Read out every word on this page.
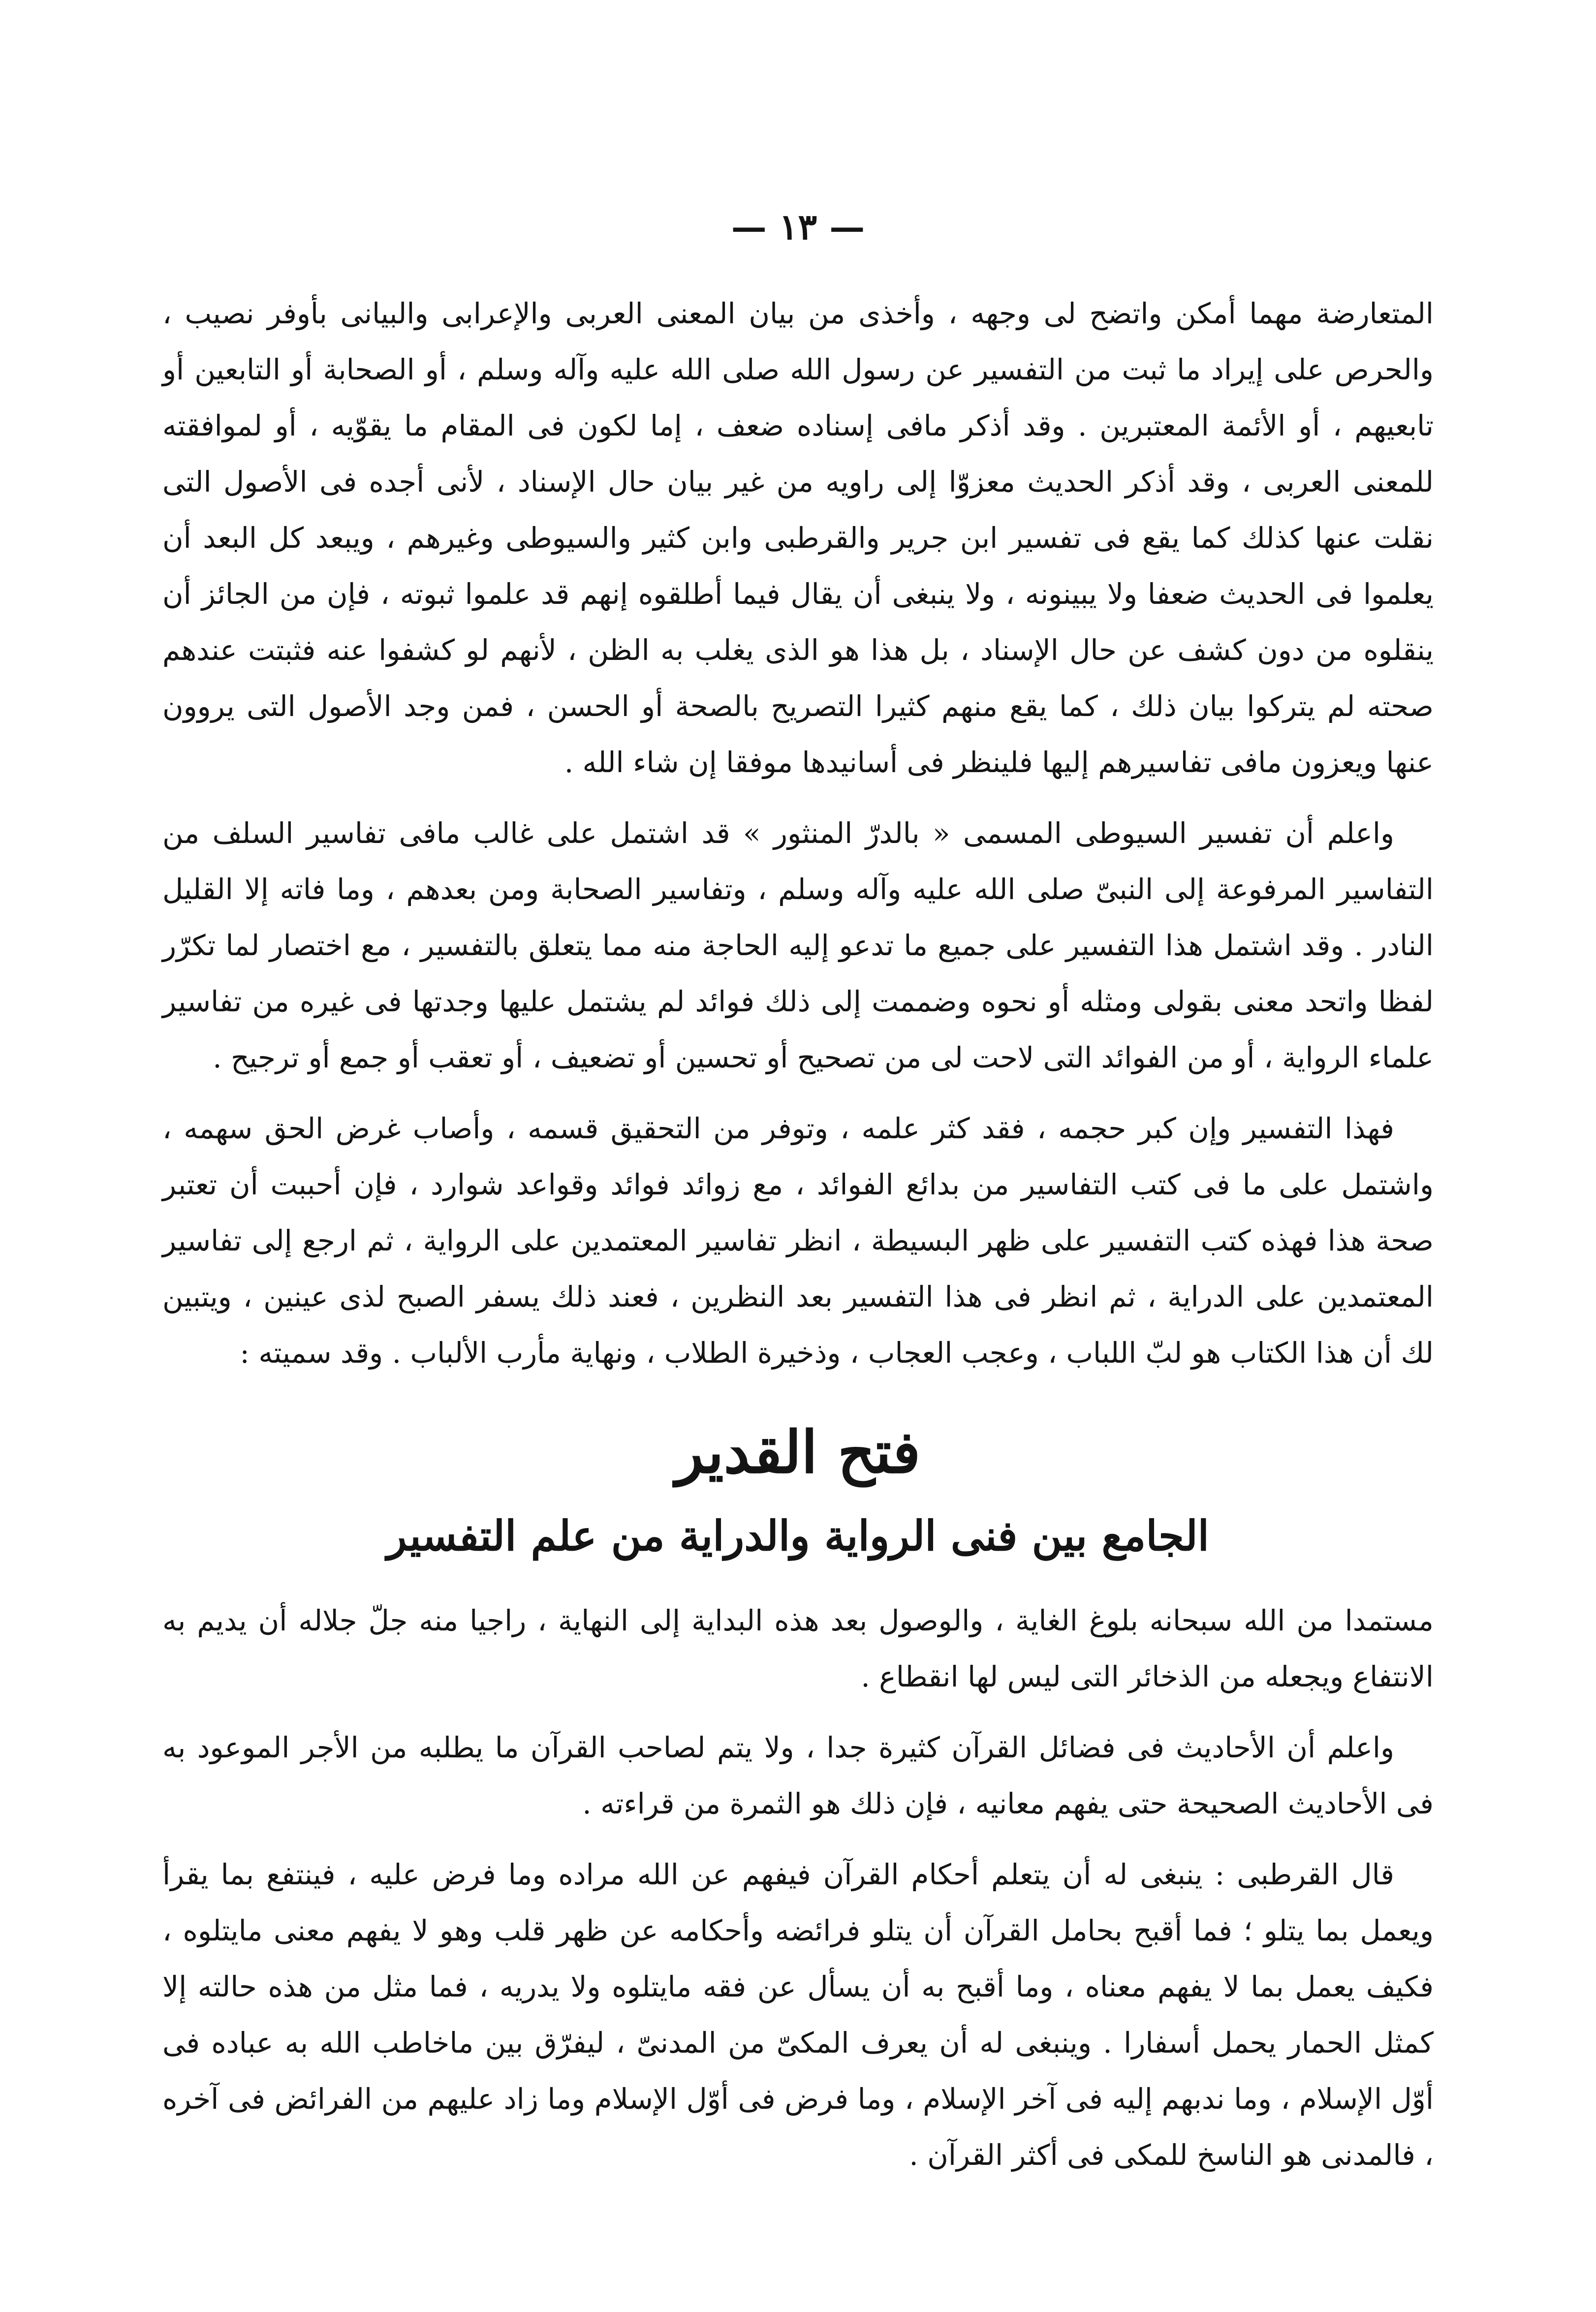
— ١٣ —

المتعارضة مهما أمكن واتضح لى وجهه ، وأخذى من بيان المعنى العربى والإعرابى والبيانى بأوفر نصيب ، والحرص على إيراد ما ثبت من التفسير عن رسول الله صلى الله عليه وآله وسلم ، أو الصحابة أو التابعين أو تابعيهم ، أو الأئمة المعتبرين . وقد أذكر مافى إسناده ضعف ، إما لكون فى المقام ما يقوّيه ، أو لموافقته للمعنى العربى ، وقد أذكر الحديث معزوّا إلى راويه من غير بيان حال الإسناد ، لأنى أجده فى الأصول التى نقلت عنها كذلك كما يقع فى تفسير ابن جرير والقرطبى وابن كثير والسيوطى وغيرهم ، ويبعد كل البعد أن يعلموا فى الحديث ضعفا ولا يبينونه ، ولا ينبغى أن يقال فيما أطلقوه إنهم قد علموا ثبوته ، فإن من الجائز أن ينقلوه من دون كشف عن حال الإسناد ، بل هذا هو الذى يغلب به الظن ، لأنهم لو كشفوا عنه فثبتت عندهم صحته لم يتركوا بيان ذلك ، كما يقع منهم كثيرا التصريح بالصحة أو الحسن ، فمن وجد الأصول التى يروون عنها ويعزون مافى تفاسيرهم إليها فلينظر فى أسانيدها موفقا إن شاء الله .

واعلم أن تفسير السيوطى المسمى « بالدرّ المنثور » قد اشتمل على غالب مافى تفاسير السلف من التفاسير المرفوعة إلى النبىّ صلى الله عليه وآله وسلم ، وتفاسير الصحابة ومن بعدهم ، وما فاته إلا القليل النادر . وقد اشتمل هذا التفسير على جميع ما تدعو إليه الحاجة منه مما يتعلق بالتفسير ، مع اختصار لما تكرّر لفظا واتحد معنى بقولى ومثله أو نحوه وضممت إلى ذلك فوائد لم يشتمل عليها وجدتها فى غيره من تفاسير علماء الرواية ، أو من الفوائد التى لاحت لى من تصحيح أو تحسين أو تضعيف ، أو تعقب أو جمع أو ترجيح .

فهذا التفسير وإن كبر حجمه ، فقد كثر علمه ، وتوفر من التحقيق قسمه ، وأصاب غرض الحق سهمه ، واشتمل على ما فى كتب التفاسير من بدائع الفوائد ، مع زوائد فوائد وقواعد شوارد ، فإن أحببت أن تعتبر صحة هذا فهذه كتب التفسير على ظهر البسيطة ، انظر تفاسير المعتمدين على الرواية ، ثم ارجع إلى تفاسير المعتمدين على الدراية ، ثم انظر فى هذا التفسير بعد النظرين ، فعند ذلك يسفر الصبح لذى عينين ، ويتبين لك أن هذا الكتاب هو لبّ اللباب ، وعجب العجاب ، وذخيرة الطلاب ، ونهاية مأرب الألباب . وقد سميته :

فتح القدير
الجامع بين فنى الرواية والدراية من علم التفسير

مستمدا من الله سبحانه بلوغ الغاية ، والوصول بعد هذه البداية إلى النهاية ، راجيا منه جلّ جلاله أن يديم به الانتفاع ويجعله من الذخائر التى ليس لها انقطاع .

واعلم أن الأحاديث فى فضائل القرآن كثيرة جدا ، ولا يتم لصاحب القرآن ما يطلبه من الأجر الموعود به فى الأحاديث الصحيحة حتى يفهم معانيه ، فإن ذلك هو الثمرة من قراءته .

قال القرطبى : ينبغى له أن يتعلم أحكام القرآن فيفهم عن الله مراده وما فرض عليه ، فينتفع بما يقرأ ويعمل بما يتلو ؛ فما أقبح بحامل القرآن أن يتلو فرائضه وأحكامه عن ظهر قلب وهو لا يفهم معنى مايتلوه ، فكيف يعمل بما لا يفهم معناه ، وما أقبح به أن يسأل عن فقه مايتلوه ولا يدريه ، فما مثل من هذه حالته إلا كمثل الحمار يحمل أسفارا . وينبغى له أن يعرف المكىّ من المدنىّ ، ليفرّق بين ماخاطب الله به عباده فى أوّل الإسلام ، وما ندبهم إليه فى آخر الإسلام ، وما فرض فى أوّل الإسلام وما زاد عليهم من الفرائض فى آخره ، فالمدنى هو الناسخ للمكى فى أكثر القرآن .
